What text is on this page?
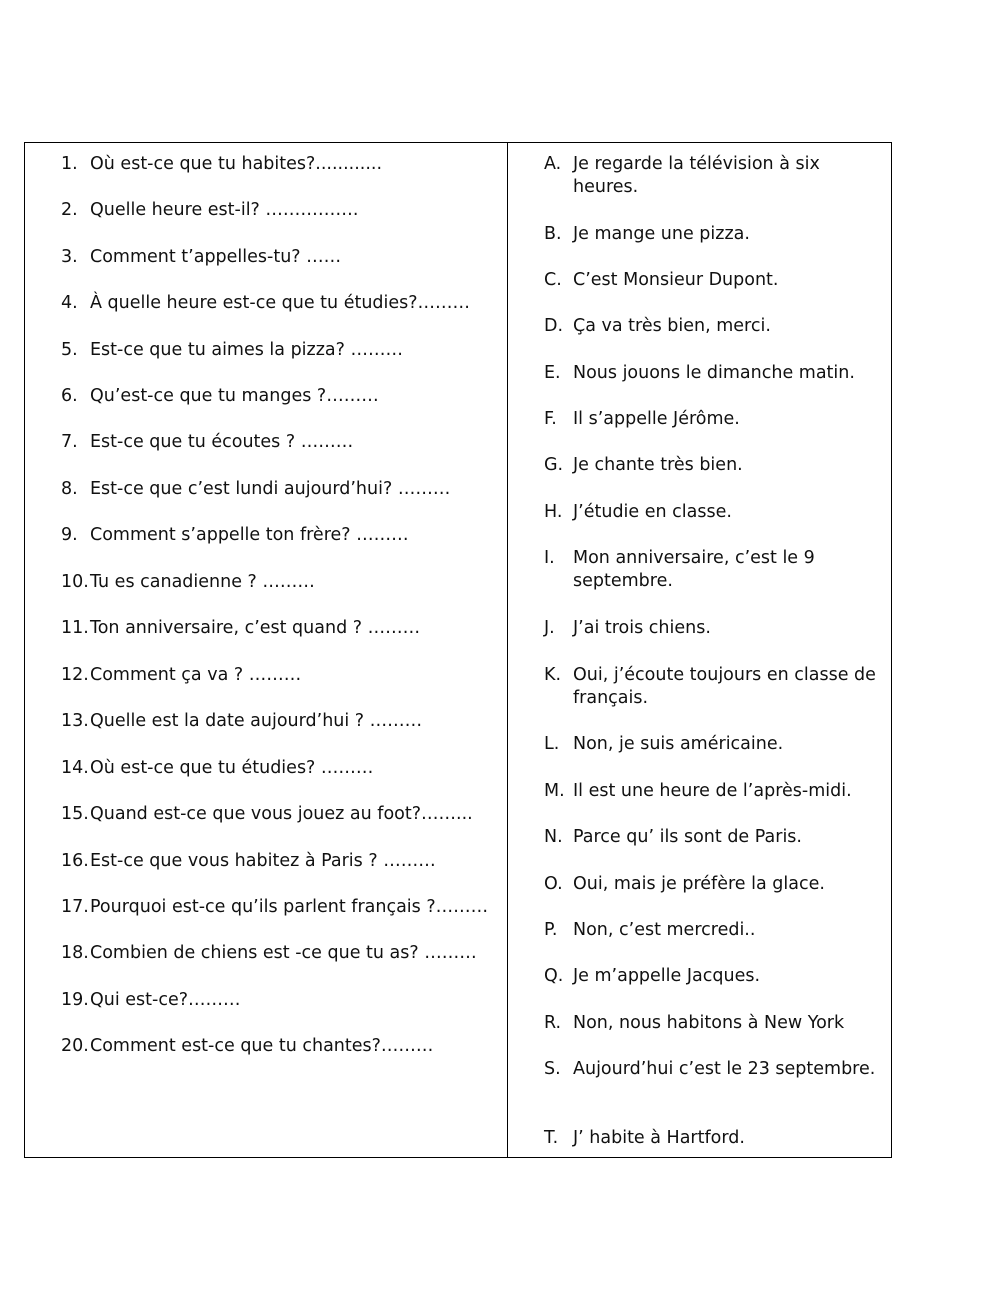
1. Où est-ce que tu habites?............
2. Quelle heure est-il? …………….
3. Comment t’appelles-tu? ……
4. À quelle heure est-ce que tu étudies?………
5. Est-ce que tu aimes la pizza? ………
6. Qu’est-ce que tu manges ?………
7. Est-ce que tu écoutes ? ………
8. Est-ce que c’est lundi aujourd’hui? ………
9. Comment s’appelle ton frère? ………
10. Tu es canadienne ? ………
11. Ton anniversaire, c’est quand ? ………
12. Comment ça va ? ………
13. Quelle est la date aujourd’hui ? ………
14. Où est-ce que tu étudies? ………
15. Quand est-ce que vous jouez au foot?……...
16. Est-ce que vous habitez à Paris ? ………
17. Pourquoi est-ce qu’ils parlent français ?………
18. Combien de chiens est -ce que tu as? ………
19. Qui est-ce?………
20. Comment est-ce que tu chantes?………
A. Je regarde la télévision à six heures.
B. Je mange une pizza.
C. C’est Monsieur Dupont.
D. Ça va très bien, merci.
E. Nous jouons le dimanche matin.
F. Il s’appelle Jérôme.
G. Je chante très bien.
H. J’étudie en classe.
I.	Mon anniversaire, c’est le 9 septembre.
J.	J’ai trois chiens.
K. Oui, j’écoute toujours en classe de français.
L. Non, je suis américaine.
M. Il est une heure de l’après-midi.
N. Parce qu’ ils sont de Paris.
O. Oui, mais je préfère la glace.
P. Non, c’est mercredi..
Q. Je m’appelle Jacques.
R. Non, nous habitons à New York
S. Aujourd’hui c’est le 23 septembre.
T. J’ habite à Hartford.
